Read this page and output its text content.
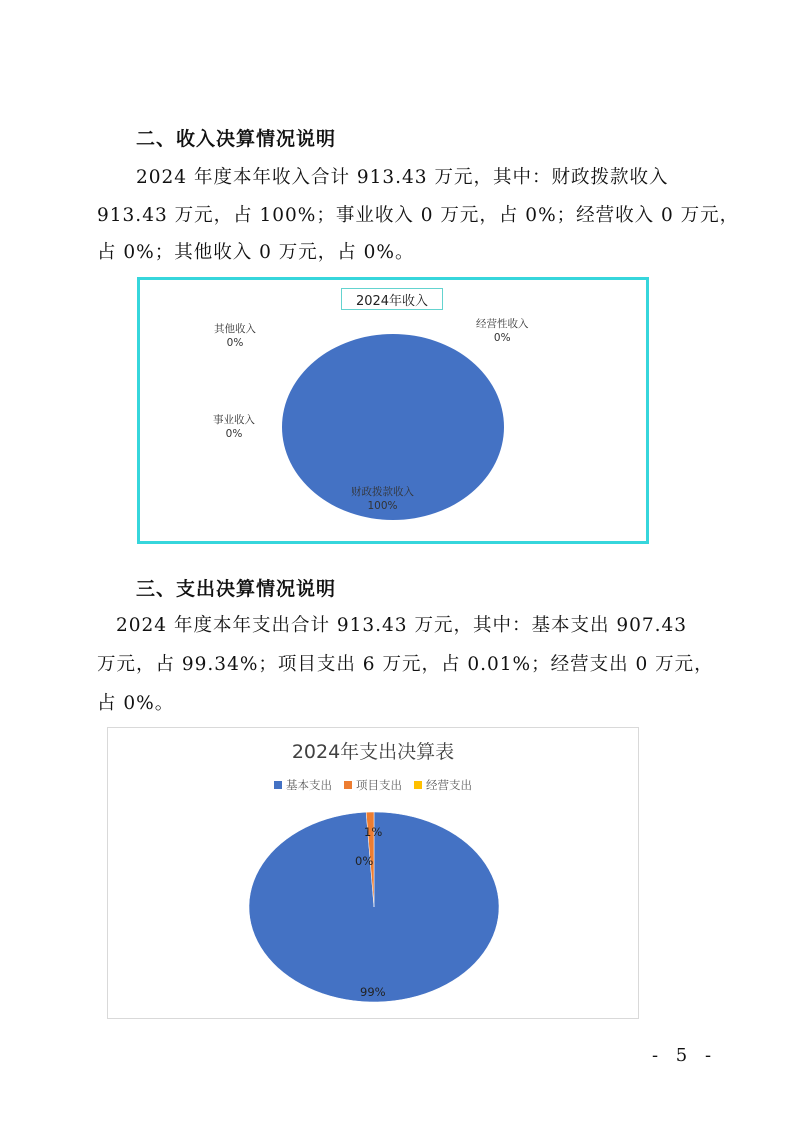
二、收入决算情况说明
2024 年度本年收入合计 913.43 万元，其中：财政拨款收入
913.43 万元，占 100%；事业收入 0 万元，占 0%；经营收入 0 万元，
占 0%；其他收入 0 万元，占 0%。
2024年收入
其他收入
0%
经营性收入
0%
事业收入
0%
财政拨款收入
100%
三、支出决算情况说明
2024 年度本年支出合计 913.43 万元，其中：基本支出 907.43
万元，占 99.34%；项目支出 6 万元，占 0.01%；经营支出 0 万元，
占 0%。
2024年支出决算表
基本支出 项目支出 经营支出
1%
0%
99%
- 5 -
